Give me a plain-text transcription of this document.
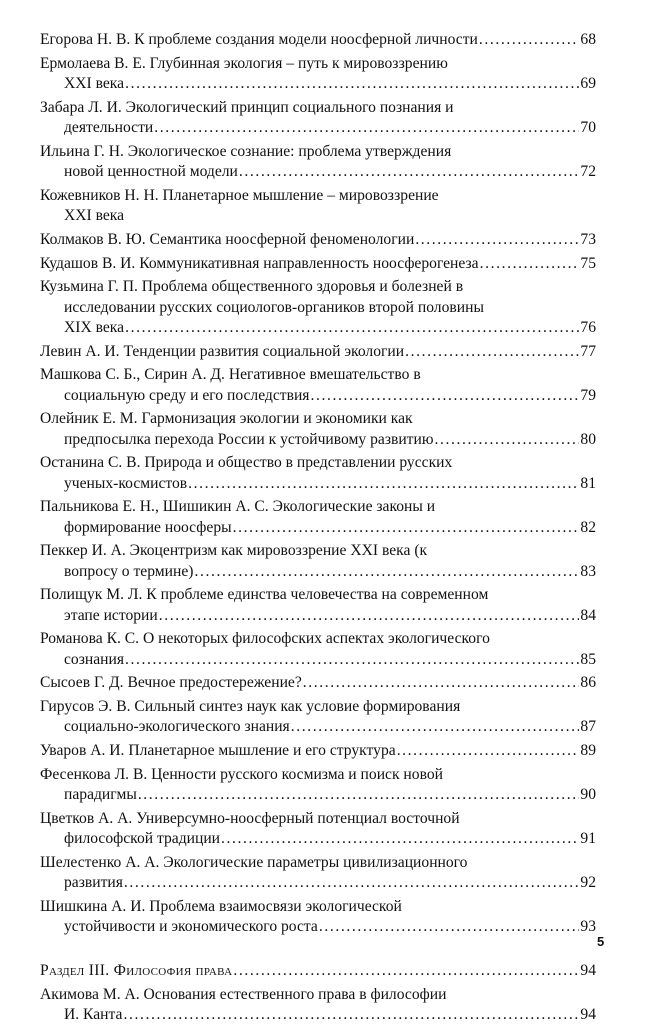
Егорова Н. В. К проблеме создания модели ноосферной личности .....	68
Ермолаева В. Е. Глубинная экология – путь к мировоззрению
XXI века .....	69
Забара Л. И. Экологический принцип социального познания и
деятельности .....	70
Ильина Г. Н. Экологическое сознание: проблема утверждения
новой ценностной модели .....	72
Кожевников Н. Н. Планетарное мышление – мировоззрение
XXI века
Колмаков В. Ю. Семантика ноосферной феноменологии .....	73
Кудашов В. И. Коммуникативная направленность ноосферогенеза .....	75
Кузьмина Г. П. Проблема общественного здоровья и болезней в
исследовании русских социологов-органиков второй половины
XIX века .....	76
Левин А. И. Тенденции развития социальной экологии .....	77
Машкова С. Б., Сирин А. Д. Негативное вмешательство в
социальную среду и его последствия .....	79
Олейник Е. М. Гармонизация экологии и экономики как
предпосылка перехода России к устойчивому развитию .....	80
Останина С. В. Природа и общество в представлении русских
ученых-космистов .....	81
Пальникова Е. Н., Шишикин А. С. Экологические законы и
формирование ноосферы .....	82
Пеккер И. А. Экоцентризм как мировоззрение XXI века (к
вопросу о термине) .....	83
Полищук М. Л. К проблеме единства человечества на современном
этапе истории .....	84
Романова К. С. О некоторых философских аспектах экологического
сознания .....	85
Сысоев Г. Д. Вечное предостережение? .....	86
Гирусов Э. В. Сильный синтез наук как условие формирования
социально-экологического знания .....	87
Уваров А. И. Планетарное мышление и его структура .....	89
Фесенкова Л. В. Ценности русского космизма и поиск новой
парадигмы .....	90
Цветков А. А. Универсумно-ноосферный потенциал восточной
философской традиции .....	91
Шелестенко А. А. Экологические параметры цивилизационного
развития .....	92
Шишкина А. И. Проблема взаимосвязи экологической
устойчивости и экономического роста .....	93
Раздел III. Философия права .....	94
Акимова М. А. Основания естественного права в философии
И. Канта .....	94
5
